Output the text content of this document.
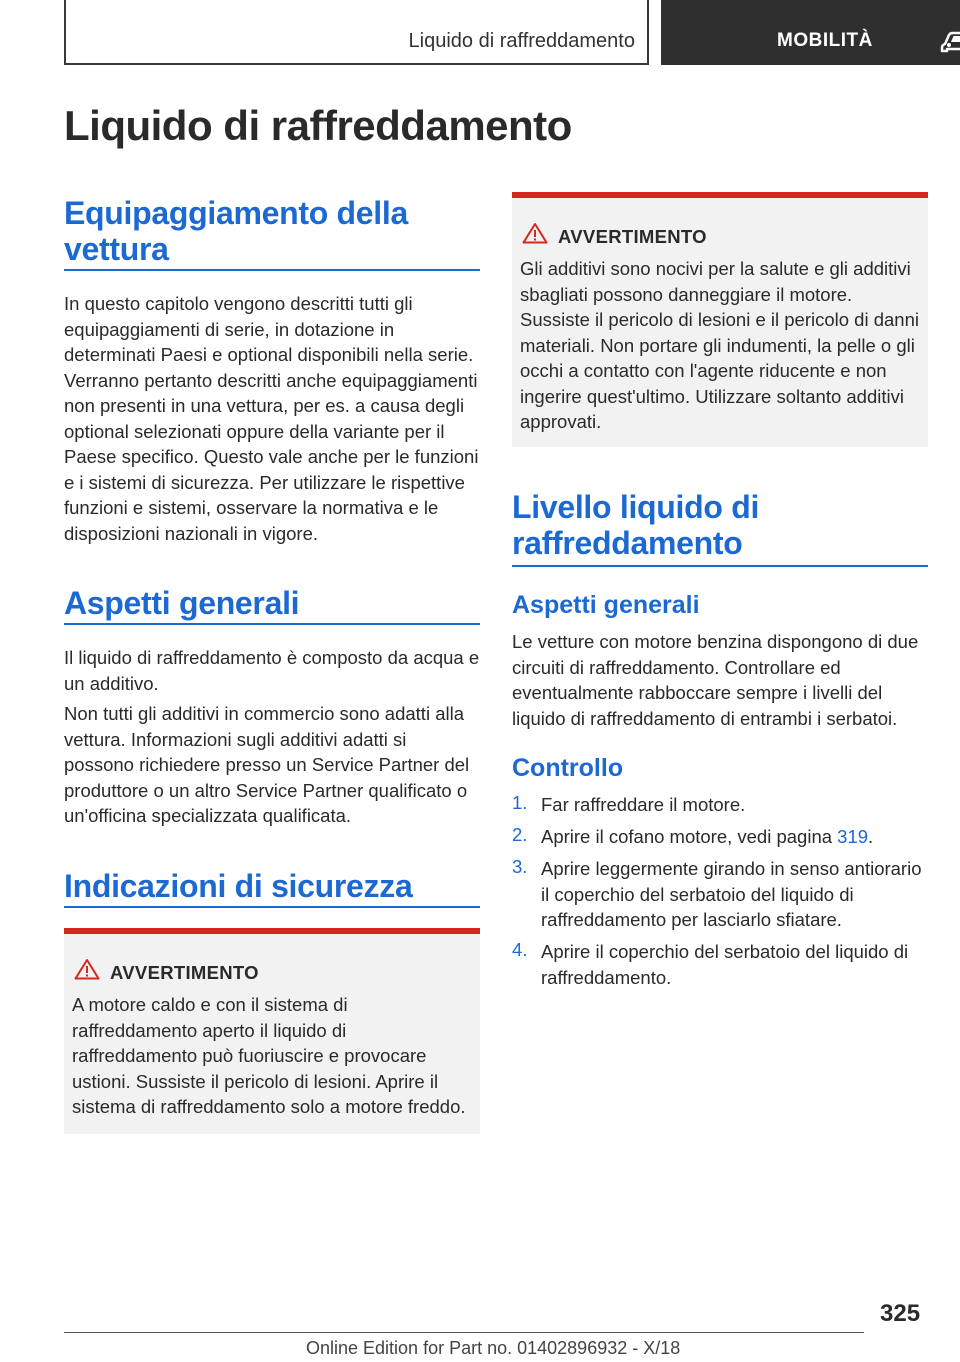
Liquido di raffreddamento	MOBILITÀ
Liquido di raffreddamento
Equipaggiamento della vettura

In questo capitolo vengono descritti tutti gli equipaggiamenti di serie, in dotazione in determinati Paesi e optional disponibili nella serie. Verranno pertanto descritti anche equipaggiamenti non presenti in una vettura, per es. a causa degli optional selezionati oppure della variante per il Paese specifico. Questo vale anche per le funzioni e i sistemi di sicurezza. Per utilizzare le rispettive funzioni e sistemi, osservare la normativa e le disposizioni nazionali in vigore.

Aspetti generali

Il liquido di raffreddamento è composto da acqua e un additivo.

Non tutti gli additivi in commercio sono adatti alla vettura. Informazioni sugli additivi adatti si possono richiedere presso un Service Partner del produttore o un altro Service Partner qualificato o un'officina specializzata qualificata.

Indicazioni di sicurezza
AVVERTIMENTO
A motore caldo e con il sistema di raffreddamento aperto il liquido di raffreddamento può fuoriuscire e provocare ustioni. Sussiste il pericolo di lesioni. Aprire il sistema di raffreddamento solo a motore freddo.
AVVERTIMENTO
Gli additivi sono nocivi per la salute e gli additivi sbagliati possono danneggiare il motore. Sussiste il pericolo di lesioni e il pericolo di danni materiali. Non portare gli indumenti, la pelle o gli occhi a contatto con l'agente riducente e non ingerire quest'ultimo. Utilizzare soltanto additivi approvati.
Livello liquido di raffreddamento
Aspetti generali

Le vetture con motore benzina dispongono di due circuiti di raffreddamento. Controllare ed eventualmente rabboccare sempre i livelli del liquido di raffreddamento di entrambi i serbatoi.

Controllo
1. Far raffreddare il motore.
2. Aprire il cofano motore, vedi pagina 319.
3. Aprire leggermente girando in senso antiorario il coperchio del serbatoio del liquido di raffreddamento per lasciarlo sfiatare.
4. Aprire il coperchio del serbatoio del liquido di raffreddamento.
325
Online Edition for Part no. 01402896932 - X/18
